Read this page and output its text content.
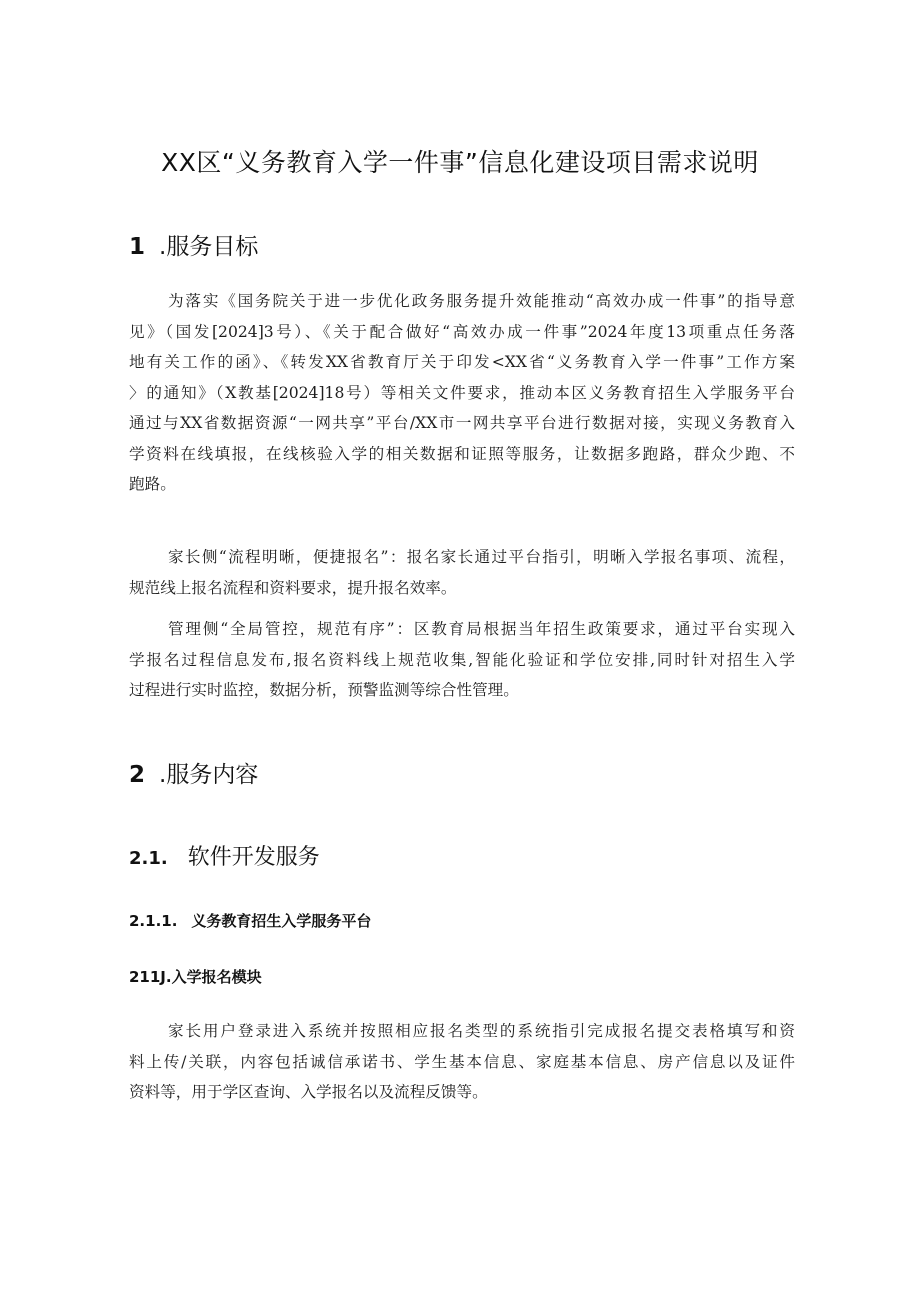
XX区“义务教育入学一件事”信息化建设项目需求说明
1 .服务目标
为落实《国务院关于进一步优化政务服务提升效能推动“高效办成一件事”的指导意
见》（国发[2024]3号）、《关于配合做好“高效办成一件事”2024年度13项重点任务落
地有关工作的函》、《转发XX省教育厅关于印发<XX省“义务教育入学一件事”工作方案
〉的通知》（X教基[2024]18号）等相关文件要求，推动本区义务教育招生入学服务平台
通过与XX省数据资源“一网共享”平台/XX市一网共享平台进行数据对接，实现义务教育入
学资料在线填报，在线核验入学的相关数据和证照等服务，让数据多跑路，群众少跑、不
跑路。
家长侧“流程明晰，便捷报名”：报名家长通过平台指引，明晰入学报名事项、流程，
规范线上报名流程和资料要求，提升报名效率。
管理侧“全局管控，规范有序”：区教育局根据当年招生政策要求，通过平台实现入
学报名过程信息发布,报名资料线上规范收集,智能化验证和学位安排,同时针对招生入学
过程进行实时监控，数据分析，预警监测等综合性管理。
2 .服务内容
2.1. 软件开发服务
2.1.1. 义务教育招生入学服务平台
211J.入学报名模块
家长用户登录进入系统并按照相应报名类型的系统指引完成报名提交表格填写和资
料上传/关联，内容包括诚信承诺书、学生基本信息、家庭基本信息、房产信息以及证件
资料等，用于学区查询、入学报名以及流程反馈等。
